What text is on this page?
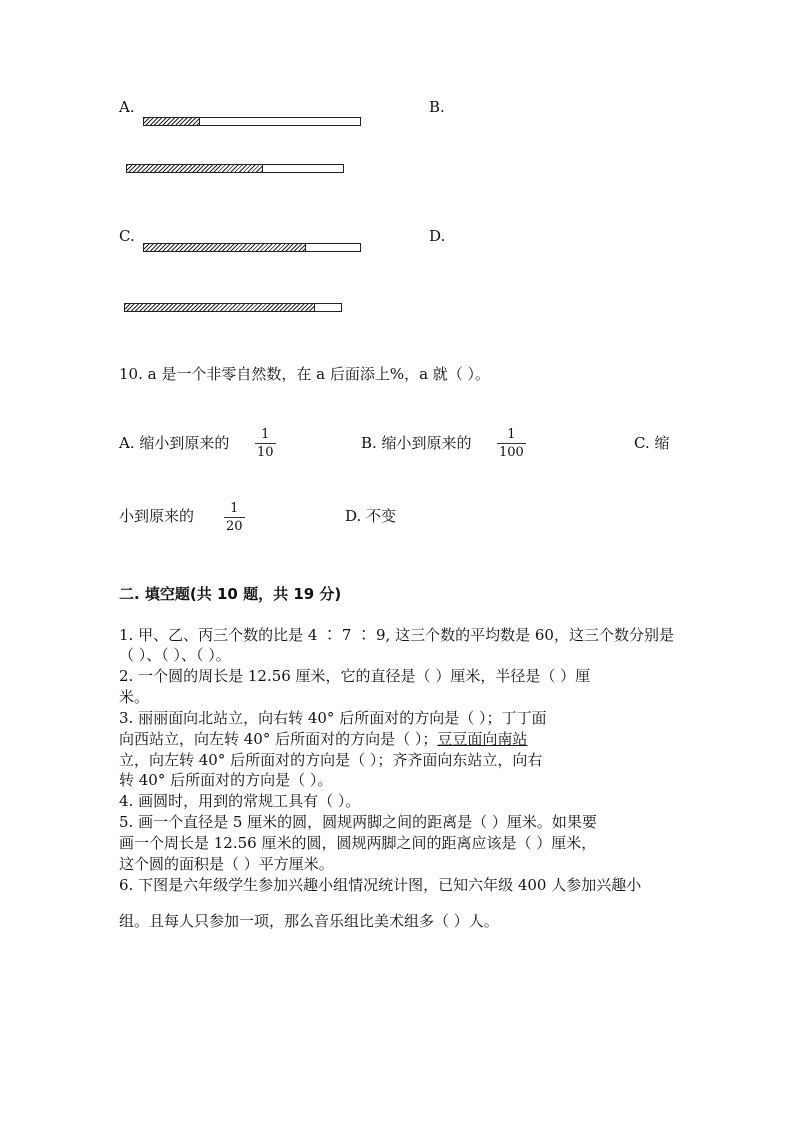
A.	B.
C.	D.
10. a 是一个非零自然数，在 a 后面添上%，a 就（ ）。
A. 缩小到原来的 $\frac{1}{10}$	B. 缩小到原来的 $\frac{1}{100}$	C. 缩
小到原来的 $\frac{1}{20}$	D. 不变
二. 填空题(共 10 题，共 19 分)
1. 甲、乙、丙三个数的比是 4 ∶ 7 ∶ 9, 这三个数的平均数是 60，这三个数分别是
（ ）、（ ）、（ ）。
2. 一个圆的周长是 12.56 厘米，它的直径是（ ）厘米，半径是（ ）厘
米。
3. 丽丽面向北站立，向右转 40° 后所面对的方向是（ ）；丁丁面
向西站立，向左转 40° 后所面对的方向是（ ）；豆豆面向南站
立，向左转 40° 后所面对的方向是（ ）；齐齐面向东站立，向右
转 40° 后所面对的方向是（ ）。
4. 画圆时，用到的常规工具有（ ）。
5. 画一个直径是 5 厘米的圆，圆规两脚之间的距离是（ ）厘米。如果要
画一个周长是 12.56 厘米的圆，圆规两脚之间的距离应该是（ ）厘米，
这个圆的面积是（ ）平方厘米。
6. 下图是六年级学生参加兴趣小组情况统计图，已知六年级 400 人参加兴趣小
组。且每人只参加一项，那么音乐组比美术组多（ ）人。
